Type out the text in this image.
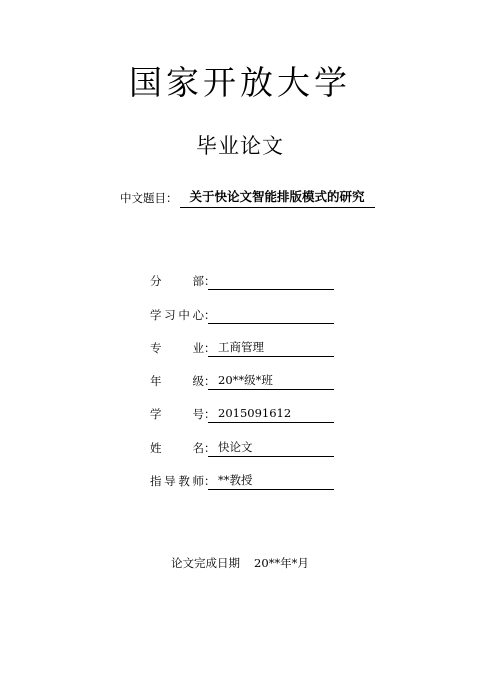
国家开放大学
毕业论文
中文题目： 关于快论文智能排版模式的研究
分	部 ：
学 习 中 心 ：
专	业 ： 工商管理
年	级 ： 20**级*班
学	号 ： 2015091612
姓	名 ： 快论文
指 导 教 师 ： **教授
论文完成日期 20**年*月
